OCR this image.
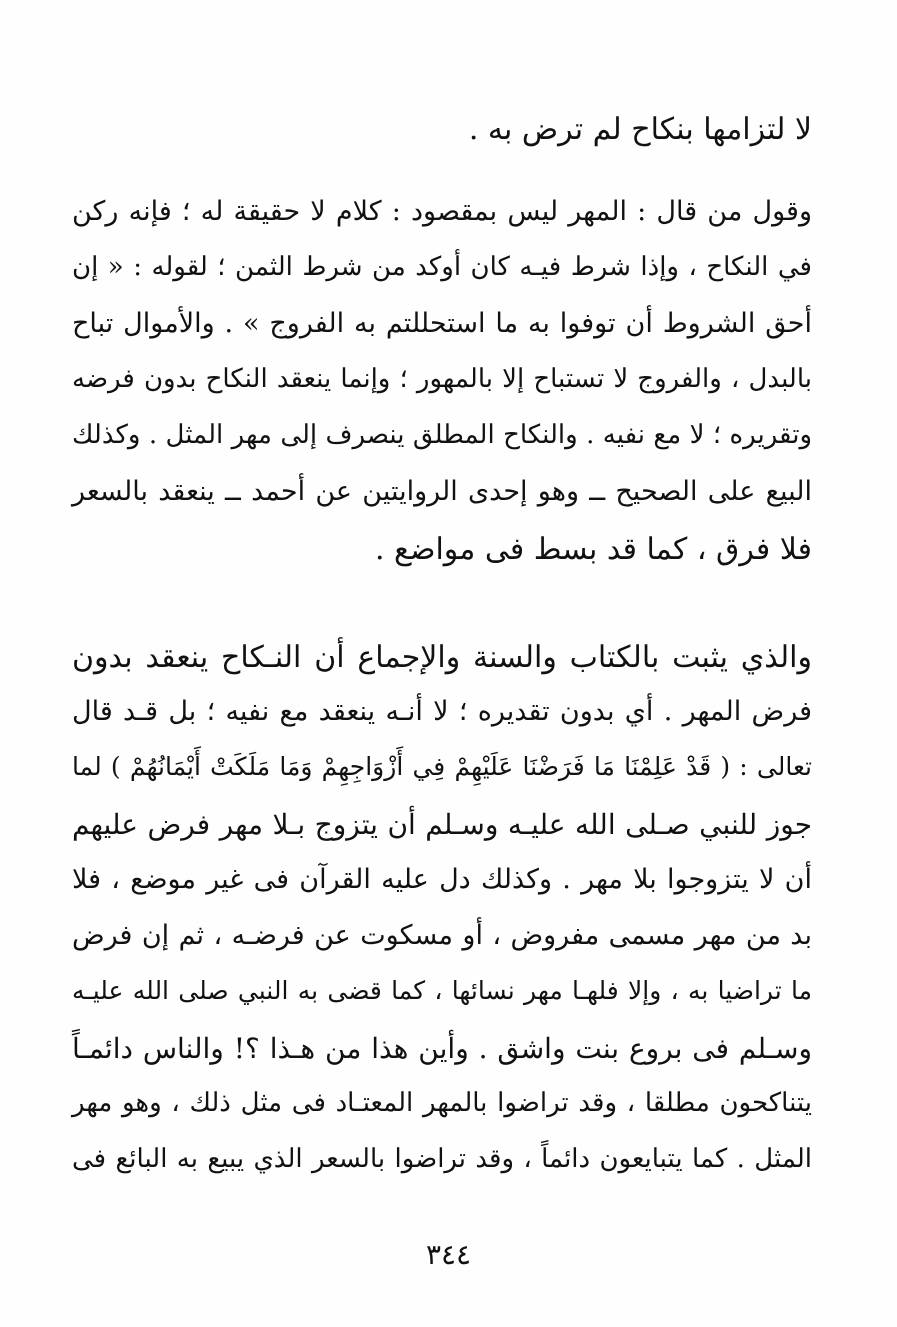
لا لتزامها بنكاح لم ترض به .
وقول من قال : المهر ليس بمقصود : كلام لا حقيقة له ؛ فإنه ركن
في النكاح ، وإذا شرط فيـه كان أوكد من شرط الثمن ؛ لقوله : « إن
أحق الشروط أن توفوا به ما استحللتم به الفروج » . والأموال تباح
بالبدل ، والفروج لا تستباح إلا بالمهور ؛ وإنما ينعقد النكاح بدون فرضه
وتقريره ؛ لا مع نفيه . والنكاح المطلق ينصرف إلى مهر المثل . وكذلك
البيع على الصحيح ــ وهو إحدى الروايتين عن أحمد ــ ينعقد بالسعر
فلا فرق ، كما قد بسط فى مواضع .
والذي يثبت بالكتاب والسنة والإجماع أن النـكاح ينعقد بدون
فرض المهر . أي بدون تقديره ؛ لا أنـه ينعقد مع نفيه ؛ بل قـد قال
تعالى : ( قَدْ عَلِمْنَا مَا فَرَضْنَا عَلَيْهِمْ فِي أَزْوَاجِهِمْ وَمَا مَلَكَتْ أَيْمَانُهُمْ ) لما
جوز للنبي صـلى الله عليـه وسـلم أن يتزوج بـلا مهر فرض عليهم
أن لا يتزوجوا بلا مهر . وكذلك دل عليه القرآن فى غير موضع ، فلا
بد من مهر مسمى مفروض ، أو مسكوت عن فرضـه ، ثم إن فرض
ما تراضيا به ، وإلا فلهـا مهر نسائها ، كما قضى به النبي صلى الله عليـه
وسـلم فى بروع بنت واشق . وأين هذا من هـذا ؟! والناس دائمـاً
يتناكحون مطلقا ، وقد تراضوا بالمهر المعتـاد فى مثل ذلك ، وهو مهر
المثل . كما يتبايعون دائماً ، وقد تراضوا بالسعر الذي يبيع به البائع فى
٣٤٤
